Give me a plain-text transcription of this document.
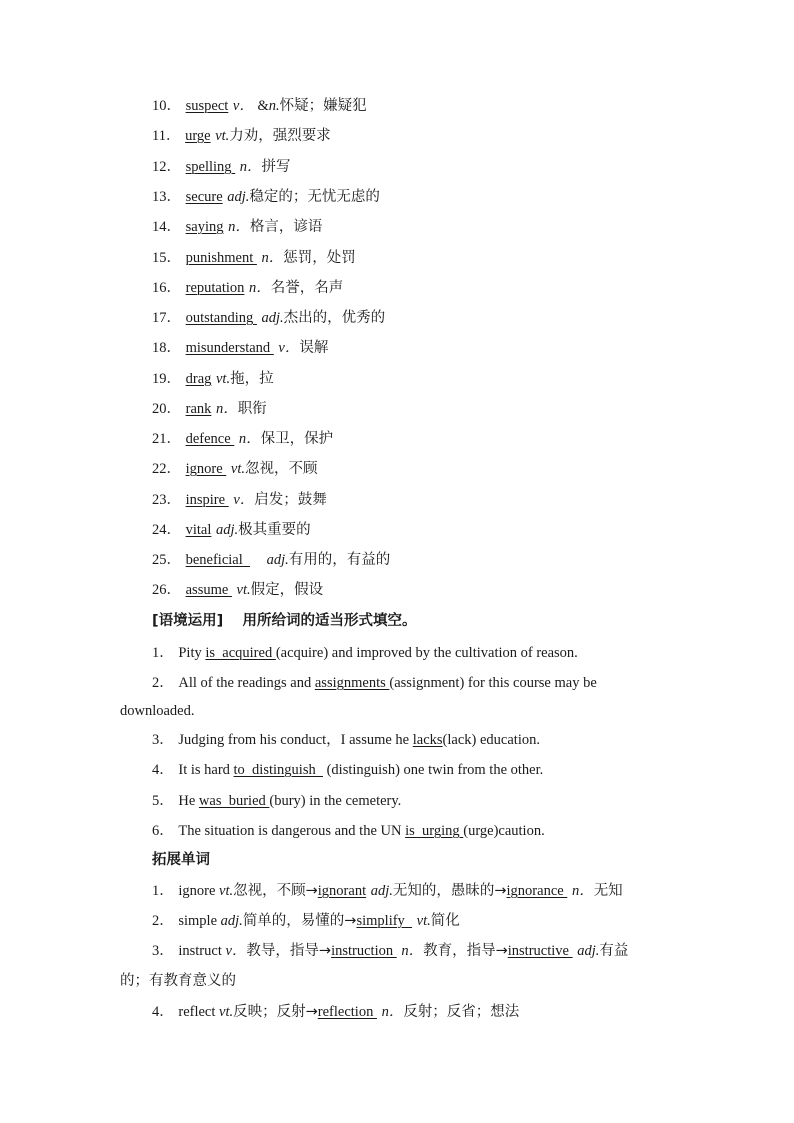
10． suspect v． &n.怀疑；嫌疑犯
11． urge vt.力劝，强烈要求
12． spelling  n．拼写
13． secure adj.稳定的；无忧无虑的
14． saying n．格言，谚语
15． punishment  n．惩罚，处罚
16． reputation n．名誉，名声
17． outstanding  adj.杰出的，优秀的
18． misunderstand  v．误解
19． drag vt.拖，拉
20． rank n．职衔
21． defence  n．保卫，保护
22． ignore  vt.忽视，不顾
23． inspire  v．启发；鼓舞
24． vital adj.极其重要的
25． beneficial   adj.有用的，有益的
26． assume  vt.假定，假设
[语境运用] 用所给词的适当形式填空。
1． Pity is  acquired (acquire) and improved by the cultivation of reason.
2． All of the readings and assignments (assignment) for this course may be
downloaded.
3． Judging from his conduct，I assume he lacks(lack) education.
4． It is hard to  distinguish   (distinguish) one twin from the other.
5． He was  buried (bury) in the cemetery.
6． The situation is dangerous and the UN is  urging (urge)caution.
拓展单词
1． ignore vt.忽视，不顾→ignorant adj.无知的，愚昧的→ignorance  n．无知
2． simple adj.简单的，易懂的→simplify   vt.简化
3． instruct v．教导，指导→instruction  n．教育，指导→instructive  adj.有益
的；有教育意义的
4． reflect vt.反映；反射→reflection  n．反射；反省；想法
